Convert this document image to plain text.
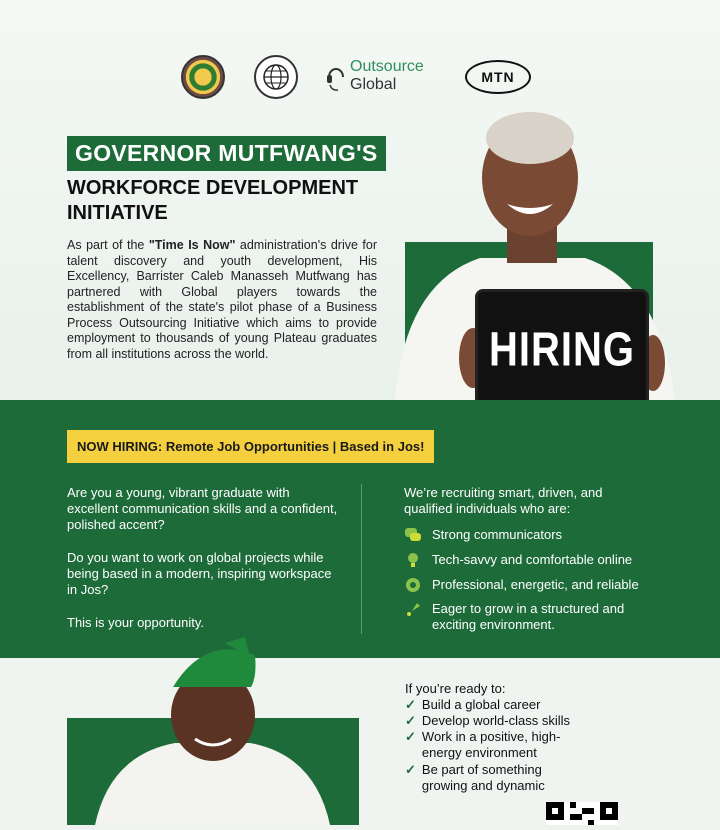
Outsource
Global	MTN
GOVERNOR MUTFWANG'S
WORKFORCE DEVELOPMENT
INITIATIVE
As part of the "Time Is Now" administration's drive for talent discovery and youth development, His Excellency, Barrister Caleb Manasseh Mutfwang has partnered with Global players towards the establishment of the state's pilot phase of a Business Process Outsourcing Initiative which aims to provide employment to thousands of young Plateau graduates from all institutions across the world.	HIRING
NOW HIRING: Remote Job Opportunities | Based in Jos!
Are you a young, vibrant graduate with excellent communication skills and a confident, polished accent?
Do you want to work on global projects while being based in a modern, inspiring workspace in Jos?
This is your opportunity.
We’re recruiting smart, driven, and qualified individuals who are:
Strong communicators
Tech-savvy and comfortable online
Professional, energetic, and reliable
Eager to grow in a structured and exciting environment.
If you’re ready to:
✓ Build a global career
✓ Develop world-class skills
✓ Work in a positive, high-energy environment
✓ Be part of something growing and dynamic
